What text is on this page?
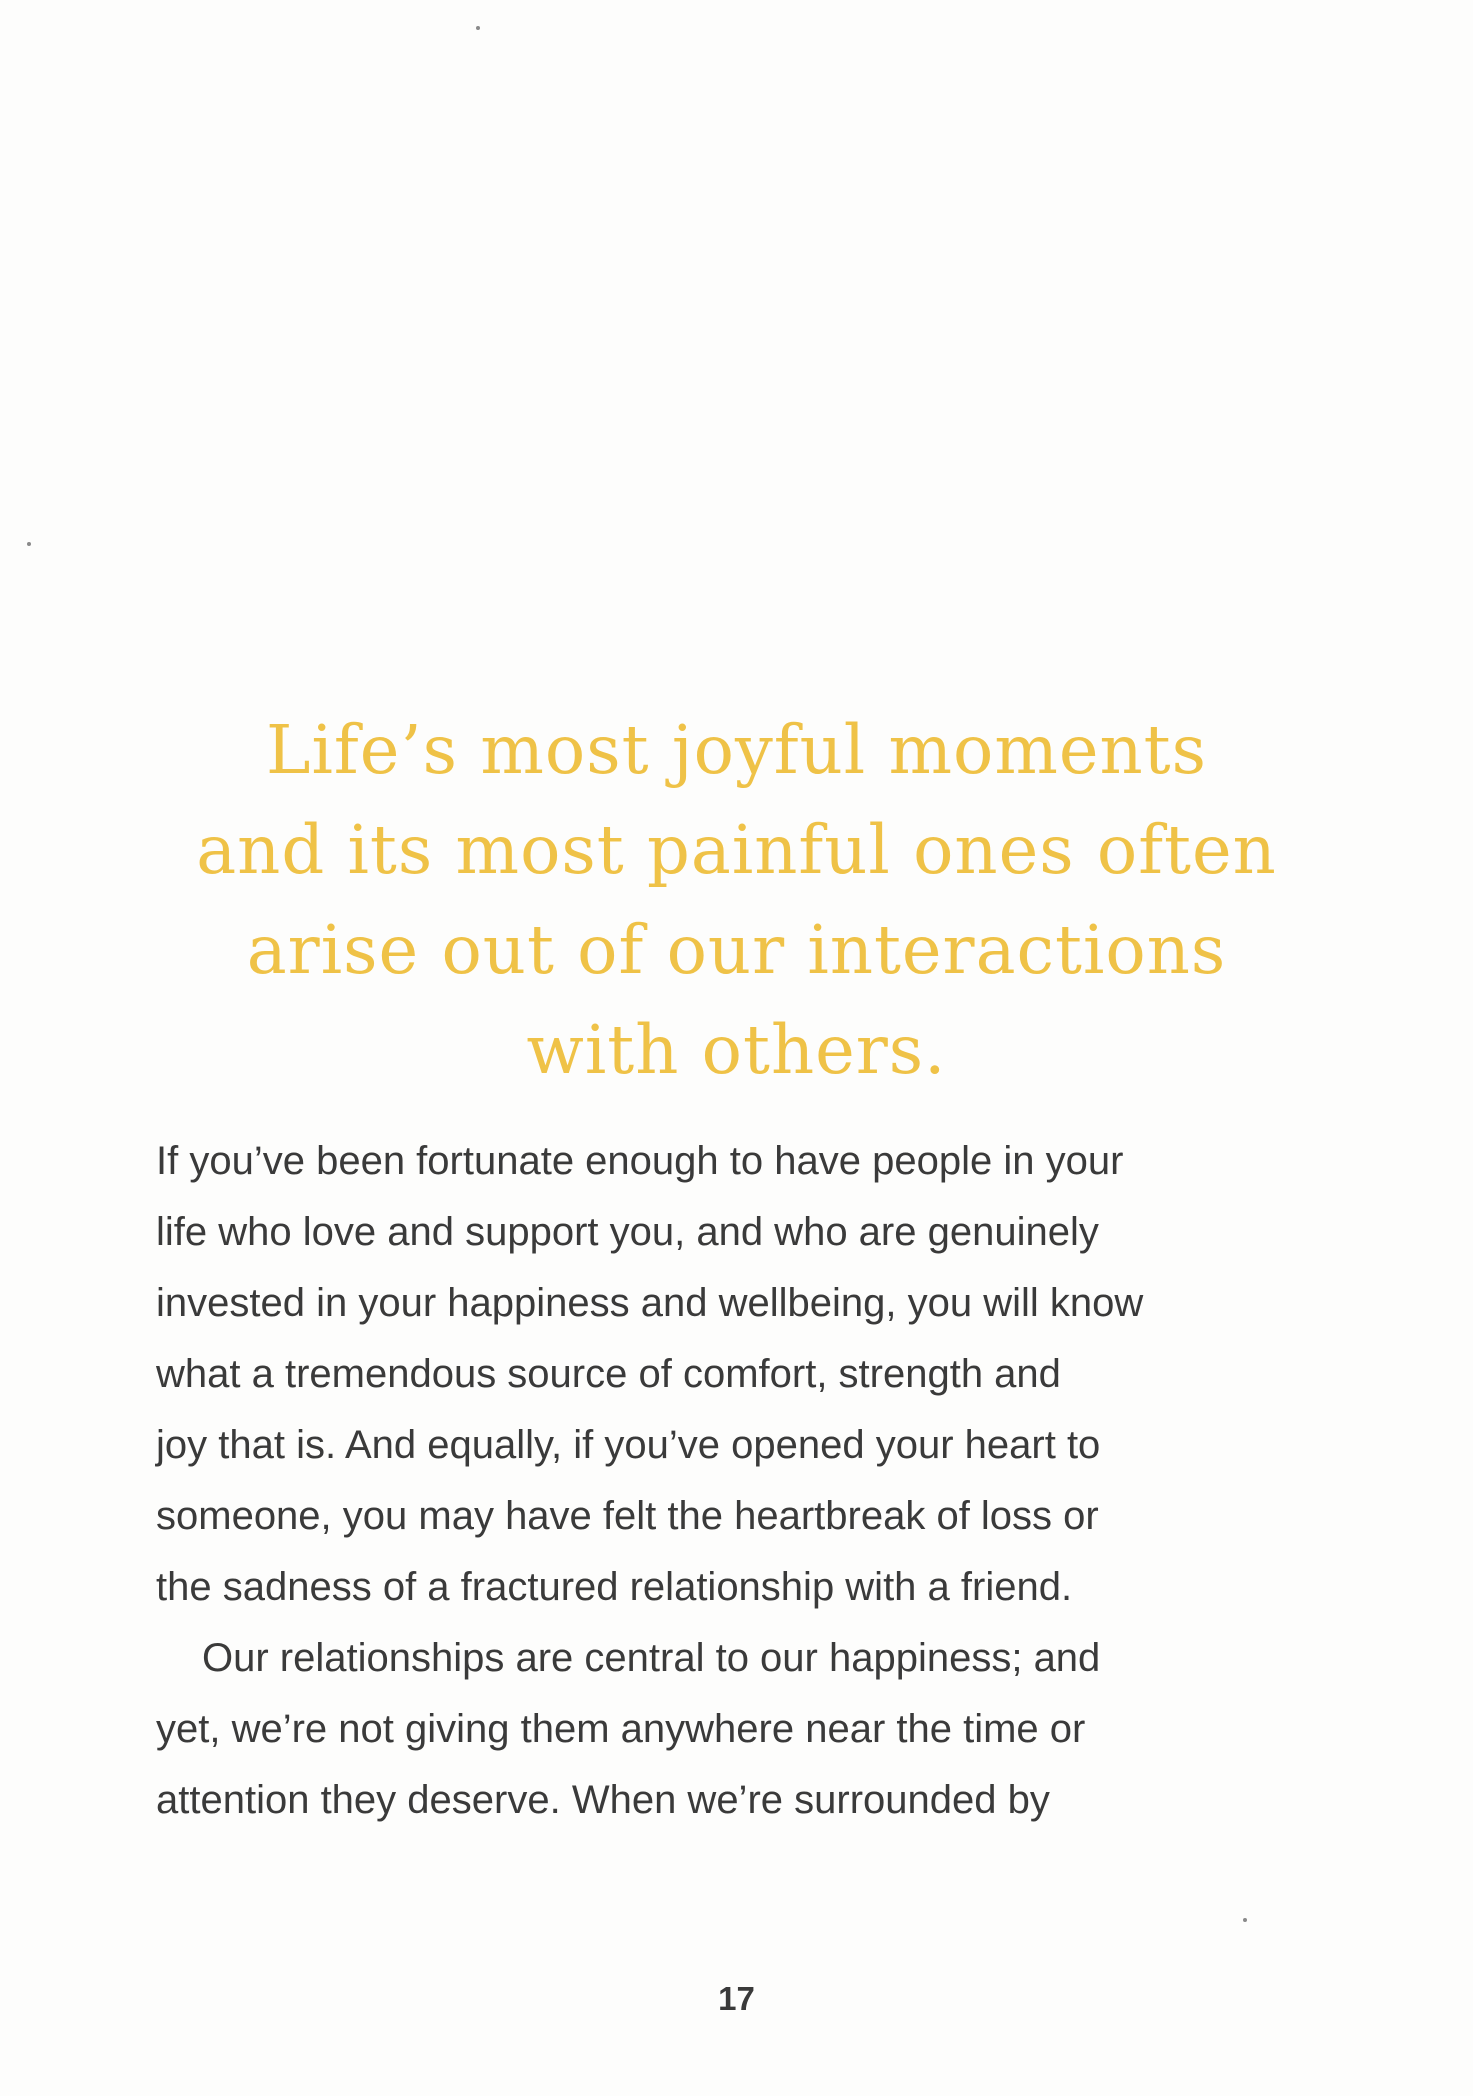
Life’s most joyful moments
and its most painful ones often
arise out of our interactions
with others.
If you’ve been fortunate enough to have people in your
life who love and support you, and who are genuinely
invested in your happiness and wellbeing, you will know
what a tremendous source of comfort, strength and
joy that is. And equally, if you’ve opened your heart to
someone, you may have felt the heartbreak of loss or
the sadness of a fractured relationship with a friend.
Our relationships are central to our happiness; and
yet, we’re not giving them anywhere near the time or
attention they deserve. When we’re surrounded by
17
